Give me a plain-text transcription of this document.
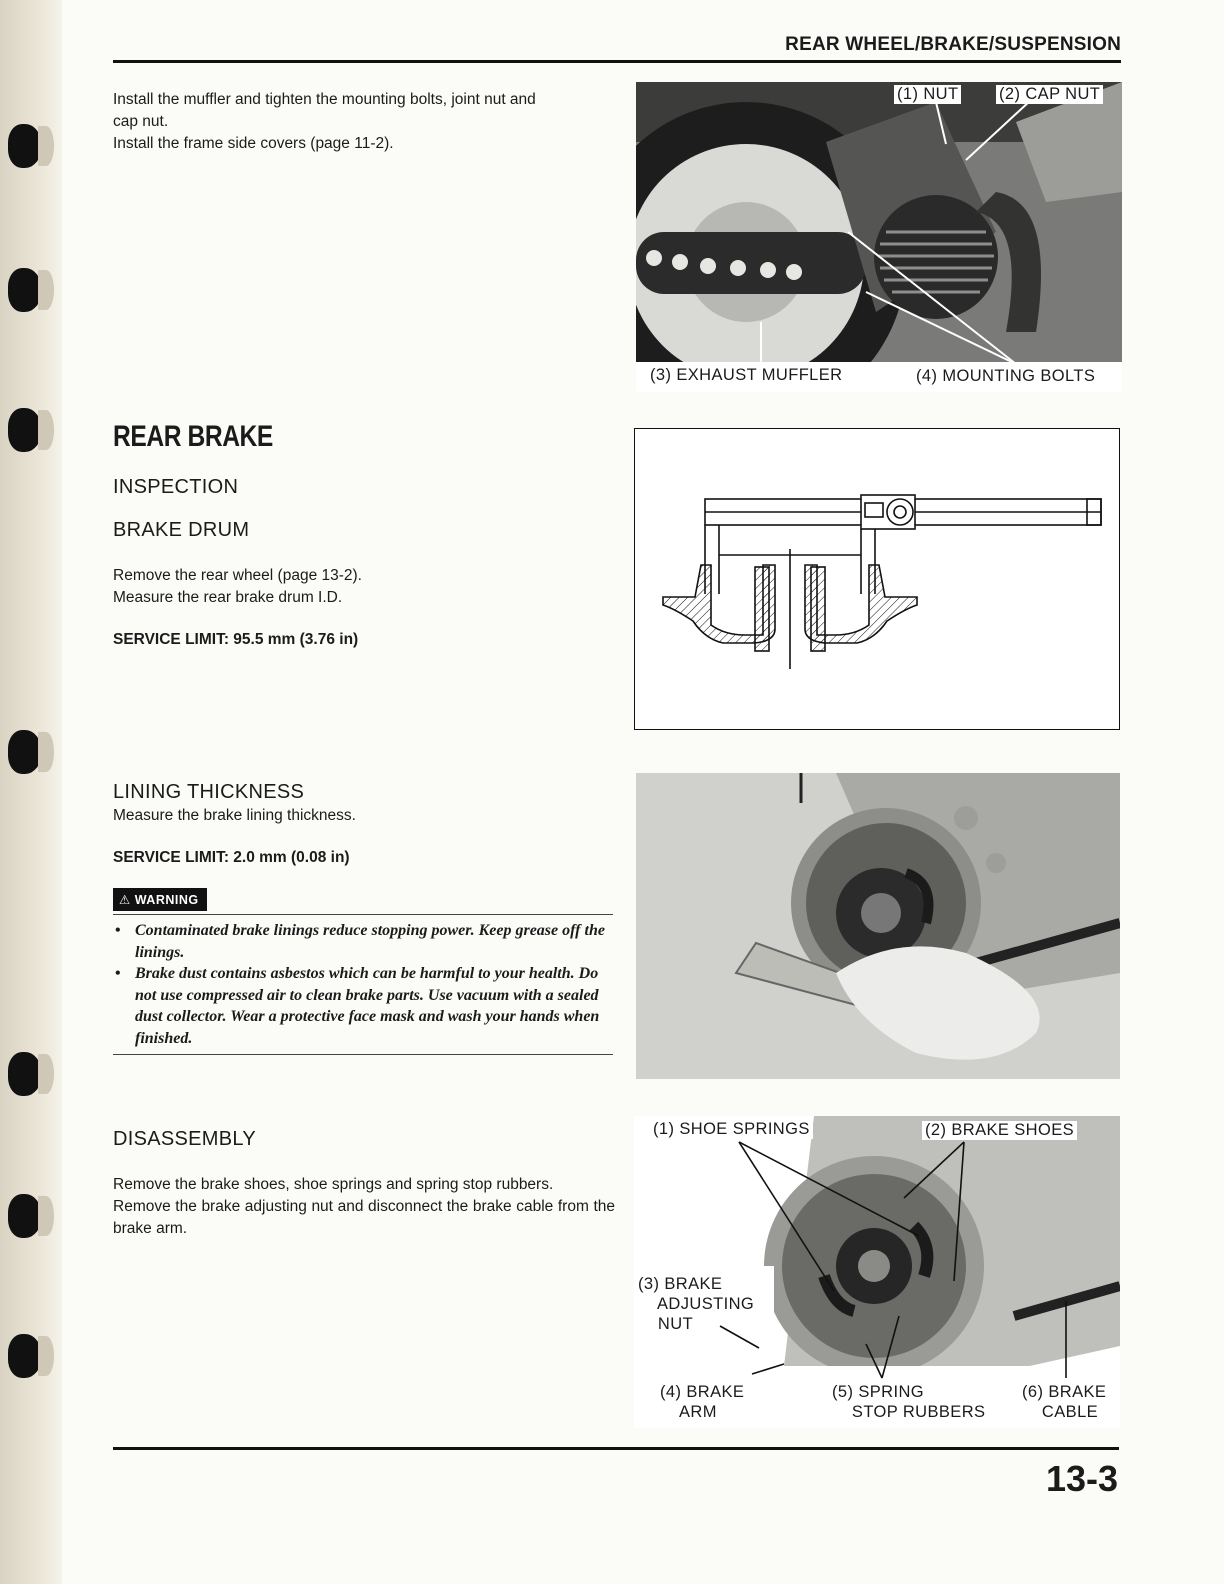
REAR WHEEL/BRAKE/SUSPENSION
Install the muffler and tighten the mounting bolts, joint nut and
cap nut.
Install the frame side covers (page 11-2).
(1) NUT (2) CAP NUT
(3) EXHAUST MUFFLER	(4) MOUNTING BOLTS
REAR BRAKE
INSPECTION
BRAKE DRUM
Remove the rear wheel (page 13-2).
Measure the rear brake drum I.D.
SERVICE LIMIT: 95.5 mm (3.76 in)
LINING THICKNESS
Measure the brake lining thickness.
SERVICE LIMIT: 2.0 mm (0.08 in)
⚠ WARNING
• Contaminated brake linings reduce stopping power. Keep grease off the linings.
• Brake dust contains asbestos which can be harmful to your health. Do not use compressed air to clean brake parts. Use vacuum with a sealed dust collector. Wear a protective face mask and wash your hands when finished.
DISASSEMBLY
Remove the brake shoes, shoe springs and spring stop rubbers.
Remove the brake adjusting nut and disconnect the brake cable from the brake arm.
(1) SHOE SPRINGS	(2) BRAKE SHOES
(3) BRAKE
ADJUSTING
NUT
(4) BRAKE
ARM
(5) SPRING
STOP RUBBERS
(6) BRAKE
CABLE
13-3
